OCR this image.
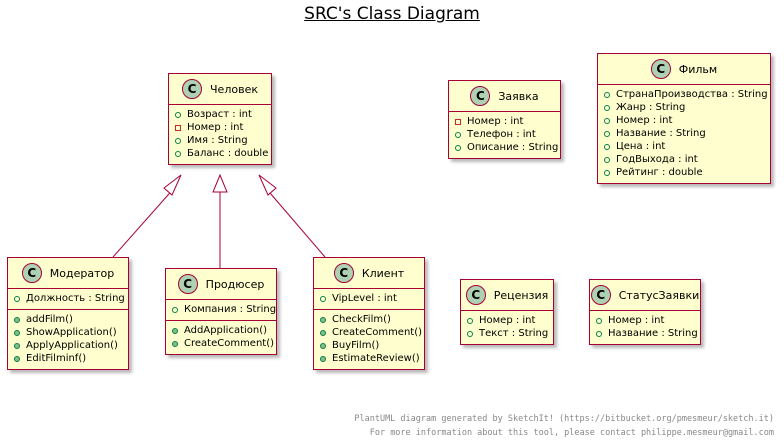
SRC's Class Diagram
C	Человек
Возраст : int
Номер : int
Имя : String
Баланс : double
C	Заявка
Номер : int
Телефон : int
Описание : String
C	Фильм
СтранаПроизводства : String
Жанр : String
Номер : int
Название : String
Цена : int
ГодВыхода : int
Рейтинг : double
C	Модератор
Должность : String
addFilm()
ShowApplication()
ApplyApplication()
EditFilminf()
C	Продюсер
Компания : String
AddApplication()
CreateComment()
C	Клиент
VipLevel : int
CheckFilm()
CreateComment()
BuyFilm()
EstimateReview()
C	Рецензия
Номер : int
Текст : String
C	СтатусЗаявки
Номер : int
Название : String
PlantUML diagram generated by SketchIt! (https://bitbucket.org/pmesmeur/sketch.it)
For more information about this tool, please contact philippe.mesmeur@gmail.com
